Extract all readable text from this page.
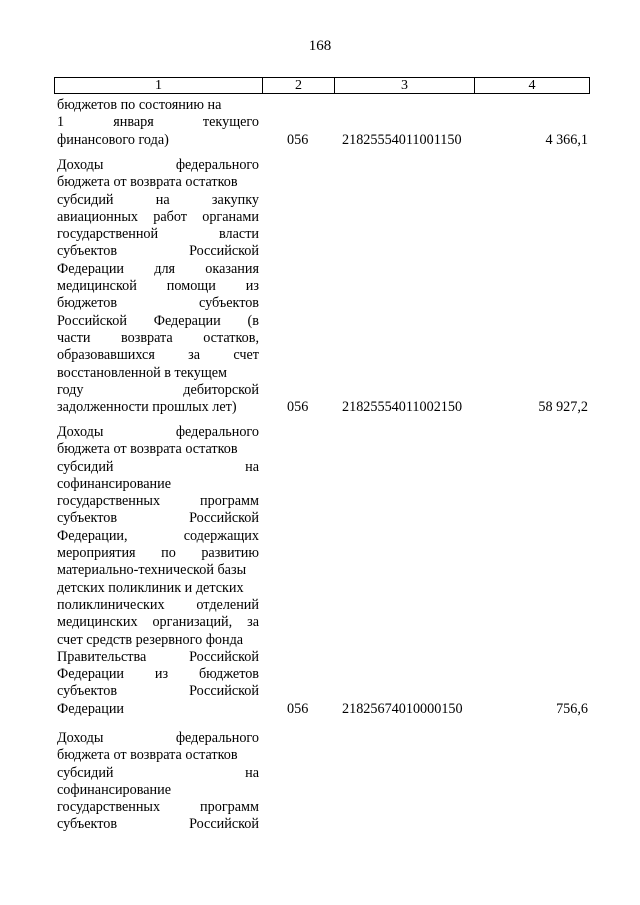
168
1	2	3	4
бюджетов по состоянию на
1 января текущего
финансового года)	056	21825554011001150	4 366,1
Доходы федерального
бюджета от возврата остатков
субсидий на закупку
авиационных работ органами
государственной власти
субъектов Российской
Федерации для оказания
медицинской помощи из
бюджетов субъектов
Российской Федерации (в
части возврата остатков,
образовавшихся за счет
восстановленной в текущем
году дебиторской
задолженности прошлых лет)	056	21825554011002150	58 927,2
Доходы федерального
бюджета от возврата остатков
субсидий на
софинансирование
государственных программ
субъектов Российской
Федерации, содержащих
мероприятия по развитию
материально-технической базы
детских поликлиник и детских
поликлинических отделений
медицинских организаций, за
счет средств резервного фонда
Правительства Российской
Федерации из бюджетов
субъектов Российской
Федерации	056	21825674010000150	756,6
Доходы федерального
бюджета от возврата остатков
субсидий на
софинансирование
государственных программ
субъектов Российской
